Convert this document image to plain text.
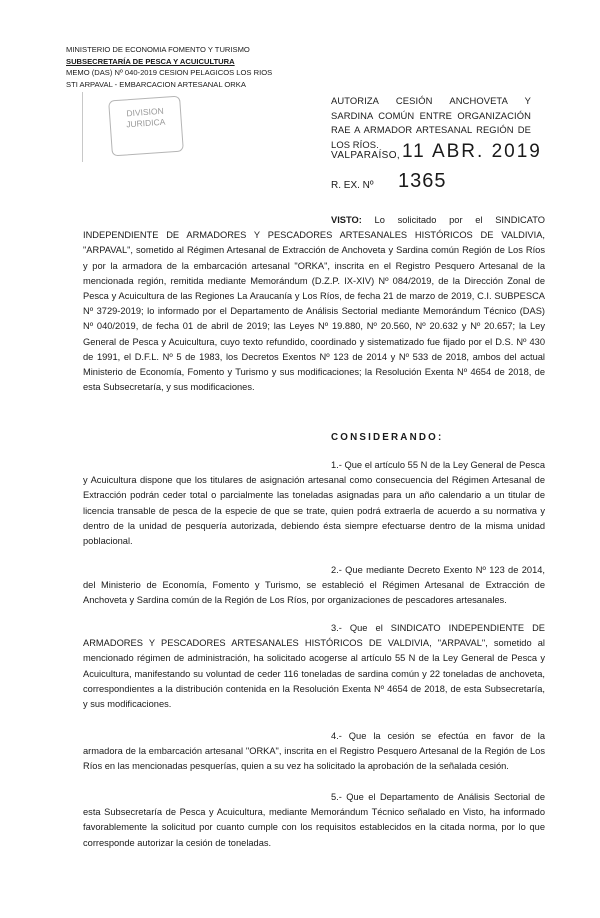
MINISTERIO DE ECONOMIA FOMENTO Y TURISMO
SUBSECRETARÍA DE PESCA Y ACUICULTURA
MEMO (DAS) Nº 040-2019 CESION PELAGICOS LOS RIOS
STI ARPAVAL - EMBARCACION ARTESANAL ORKA
DIVISION
JURIDICA
AUTORIZA CESIÓN ANCHOVETA Y SARDINA COMÚN ENTRE ORGANIZACIÓN RAE A ARMADOR ARTESANAL REGIÓN DE LOS RÍOS.
VALPARAÍSO, 11 ABR. 2019
R. EX. Nº 1365
VISTO: Lo solicitado por el SINDICATO INDEPENDIENTE DE ARMADORES Y PESCADORES ARTESANALES HISTÓRICOS DE VALDIVIA, "ARPAVAL", sometido al Régimen Artesanal de Extracción de Anchoveta y Sardina común Región de Los Ríos y por la armadora de la embarcación artesanal "ORKA", inscrita en el Registro Pesquero Artesanal de la mencionada región, remitida mediante Memorándum (D.Z.P. IX-XIV) Nº 084/2019, de la Dirección Zonal de Pesca y Acuicultura de las Regiones La Araucanía y Los Ríos, de fecha 21 de marzo de 2019, C.I. SUBPESCA Nº 3729-2019; lo informado por el Departamento de Análisis Sectorial mediante Memorándum Técnico (DAS) Nº 040/2019, de fecha 01 de abril de 2019; las Leyes Nº 19.880, Nº 20.560, Nº 20.632 y Nº 20.657; la Ley General de Pesca y Acuicultura, cuyo texto refundido, coordinado y sistematizado fue fijado por el D.S. Nº 430 de 1991, el D.F.L. Nº 5 de 1983, los Decretos Exentos Nº 123 de 2014 y Nº 533 de 2018, ambos del actual Ministerio de Economía, Fomento y Turismo y sus modificaciones; la Resolución Exenta Nº 4654 de 2018, de esta Subsecretaría, y sus modificaciones.
CONSIDERANDO:
1.- Que el artículo 55 N de la Ley General de Pesca y Acuicultura dispone que los titulares de asignación artesanal como consecuencia del Régimen Artesanal de Extracción podrán ceder total o parcialmente las toneladas asignadas para un año calendario a un titular de licencia transable de pesca de la especie de que se trate, quien podrá extraerla de acuerdo a su normativa y dentro de la unidad de pesquería autorizada, debiendo ésta siempre efectuarse dentro de la misma unidad poblacional.
2.- Que mediante Decreto Exento Nº 123 de 2014, del Ministerio de Economía, Fomento y Turismo, se estableció el Régimen Artesanal de Extracción de Anchoveta y Sardina común de la Región de Los Ríos, por organizaciones de pescadores artesanales.
3.- Que el SINDICATO INDEPENDIENTE DE ARMADORES Y PESCADORES ARTESANALES HISTÓRICOS DE VALDIVIA, "ARPAVAL", sometido al mencionado régimen de administración, ha solicitado acogerse al artículo 55 N de la Ley General de Pesca y Acuicultura, manifestando su voluntad de ceder 116 toneladas de sardina común y 22 toneladas de anchoveta, correspondientes a la distribución contenida en la Resolución Exenta Nº 4654 de 2018, de esta Subsecretaría, y sus modificaciones.
4.- Que la cesión se efectúa en favor de la armadora de la embarcación artesanal "ORKA", inscrita en el Registro Pesquero Artesanal de la Región de Los Ríos en las mencionadas pesquerías, quien a su vez ha solicitado la aprobación de la señalada cesión.
5.- Que el Departamento de Análisis Sectorial de esta Subsecretaría de Pesca y Acuicultura, mediante Memorándum Técnico señalado en Visto, ha informado favorablemente la solicitud por cuanto cumple con los requisitos establecidos en la citada norma, por lo que corresponde autorizar la cesión de toneladas.
